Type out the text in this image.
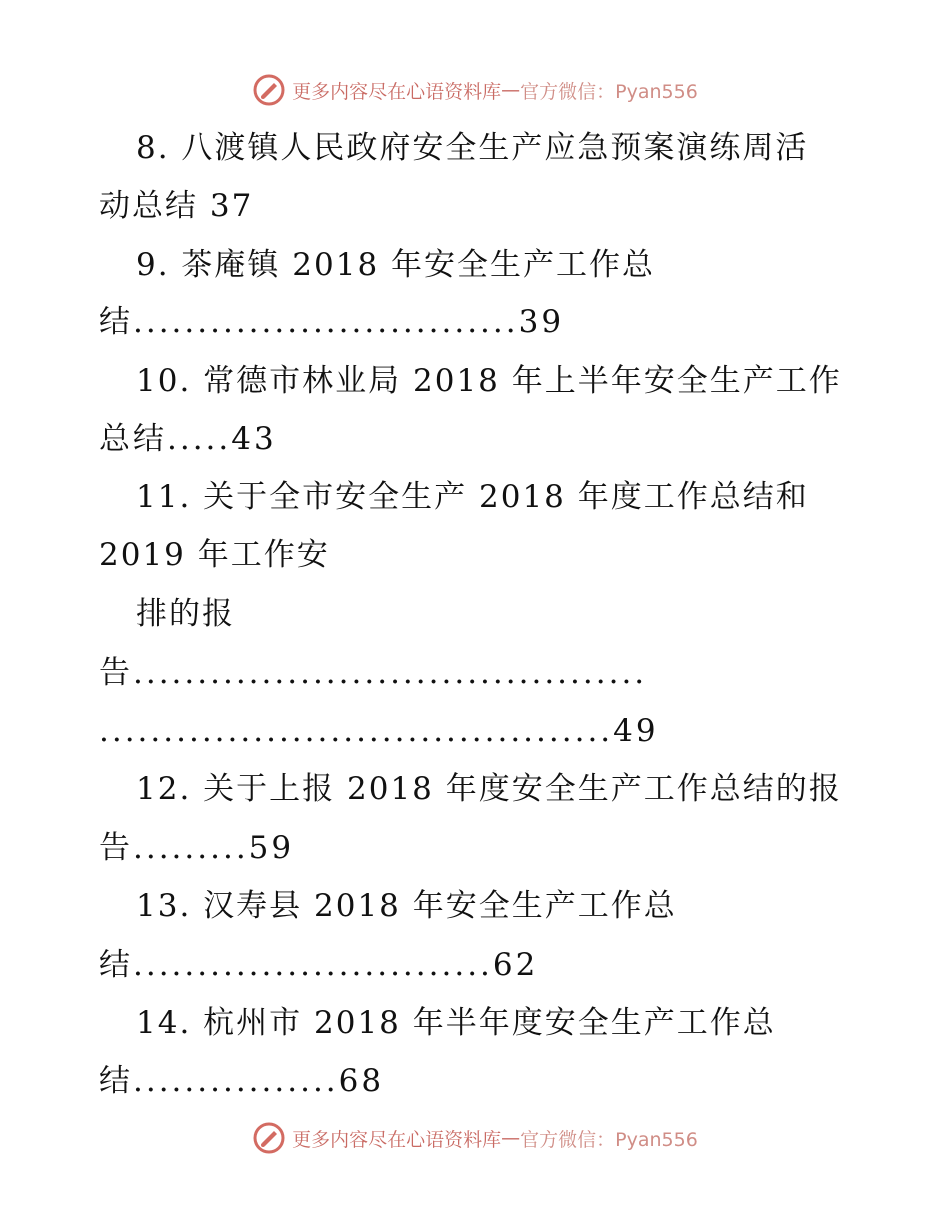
更多内容尽在心语资料库 — 官方微信：Pyan556
8. 八渡镇人民政府安全生产应急预案演练周活
动总结 37
9. 茶庵镇 2018 年安全生产工作总
结..............................39
10. 常德市林业局 2018 年上半年安全生产工作
总结.....43
11. 关于全市安全生产 2018 年度工作总结和
2019 年工作安
排的报
告........................................
........................................49
12. 关于上报 2018 年度安全生产工作总结的报
告.........59
13. 汉寿县 2018 年安全生产工作总
结............................62
14. 杭州市 2018 年半年度安全生产工作总
结................68
更多内容尽在心语资料库 — 官方微信：Pyan556
